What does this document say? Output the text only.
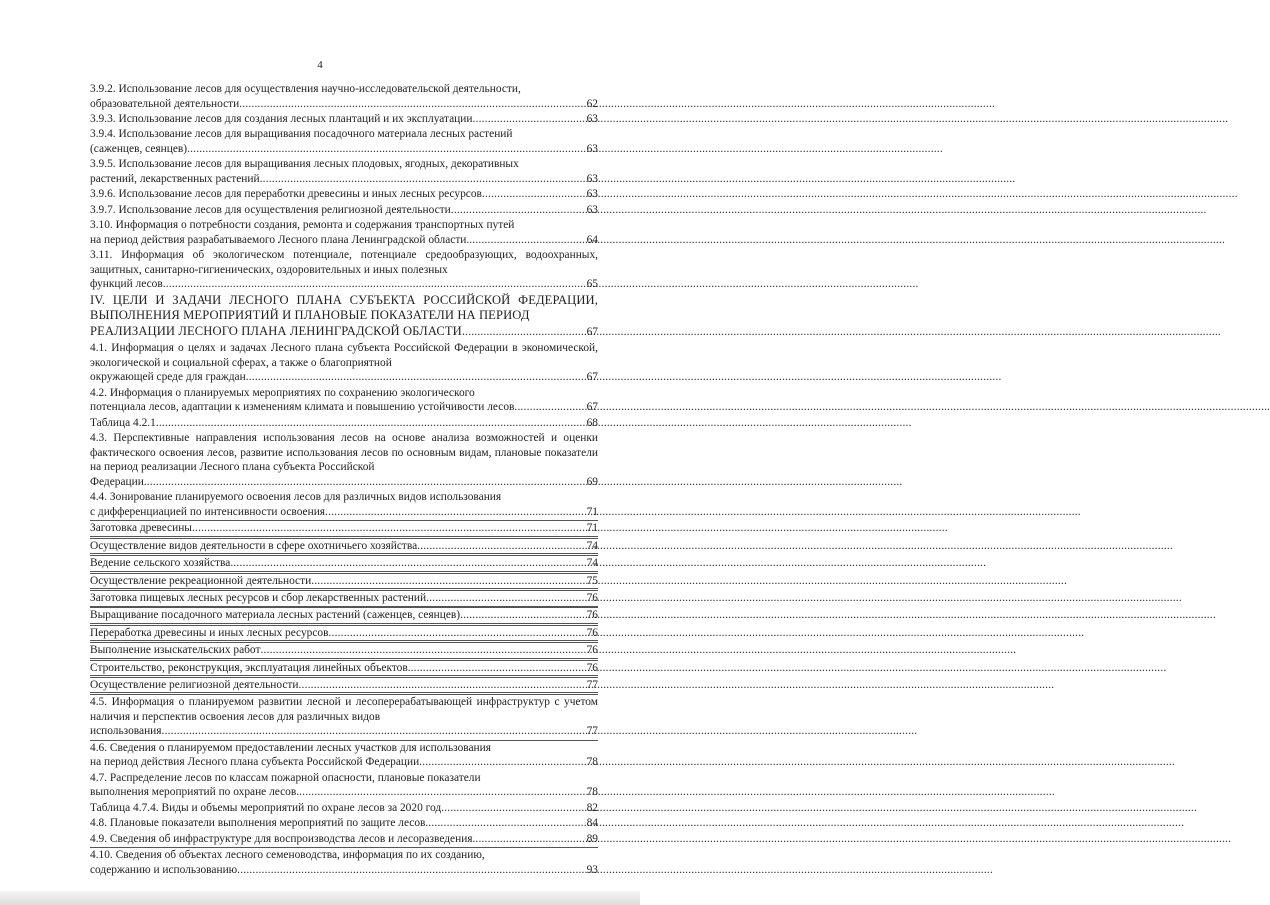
4
3.9.2. Использование лесов для осуществления научно-исследовательской деятельности,
образовательной деятельности .....	62
3.9.3. Использование лесов для создания лесных плантаций и их эксплуатации .....	63
3.9.4. Использование лесов для выращивания посадочного материала лесных растений
(саженцев, сеянцев) .....	63
3.9.5. Использование лесов для выращивания лесных плодовых, ягодных, декоративных
растений, лекарственных растений .....	63
3.9.6. Использование лесов для переработки древесины и иных лесных ресурсов .....	63
3.9.7. Использование лесов для осуществления религиозной деятельности .....	63
3.10. Информация о потребности создания, ремонта и содержания транспортных путей
на период действия разрабатываемого Лесного плана Ленинградской области. .....	64
3.11. Информация об экологическом потенциале, потенциале средообразующих, водоохранных, защитных, санитарно-гигиенических, оздоровительных и иных полезных
функций лесов .....	65
IV. ЦЕЛИ И ЗАДАЧИ ЛЕСНОГО ПЛАНА СУБЪЕКТА РОССИЙСКОЙ ФЕДЕРАЦИИ, ВЫПОЛНЕНИЯ МЕРОПРИЯТИЙ И ПЛАНОВЫЕ ПОКАЗАТЕЛИ НА ПЕРИОД
РЕАЛИЗАЦИИ ЛЕСНОГО ПЛАНА ЛЕНИНГРАДСКОЙ ОБЛАСТИ. .....	67
4.1. Информация о целях и задачах Лесного плана субъекта Российской Федерации в экономической, экологической и социальной сферах, а также о благоприятной
окружающей среде для граждан .....	67
4.2. Информация о планируемых мероприятиях по сохранению экологического
потенциала лесов, адаптации к изменениям климата и повышению устойчивости лесов .....	67
Таблица 4.2.1 .....	68
4.3. Перспективные направления использования лесов на основе анализа возможностей и оценки фактического освоения лесов, развитие использования лесов по основным видам, плановые показатели на период реализации Лесного плана субъекта Российской
Федерации. .....	69
4.4. Зонирование планируемого освоения лесов для различных видов использования
с дифференциацией по интенсивности освоения .....	71
Заготовка древесины .....	71
Осуществление видов деятельности в сфере охотничьего хозяйства .....	74
Ведение сельского хозяйства .....	74
Осуществление рекреационной деятельности .....	75
Заготовка пищевых лесных ресурсов и сбор лекарственных растений .....	76
Выращивание посадочного материала лесных растений (саженцев, сеянцев) .....	76
Переработка древесины и иных лесных ресурсов .....	76
Выполнение изыскательских работ .....	76
Строительство, реконструкция, эксплуатация линейных объектов. .....	76
Осуществление религиозной деятельности .....	77
4.5. Информация о планируемом развитии лесной и лесоперерабатывающей инфраструктур с учетом наличия и перспектив освоения лесов для различных видов
использования .....	77
4.6. Сведения о планируемом предоставлении лесных участков для использования
на период действия Лесного плана субъекта Российской Федерации .....	78
4.7. Распределение лесов по классам пожарной опасности, плановые показатели
выполнения мероприятий по охране лесов. .....	78
Таблица 4.7.4. Виды и объемы мероприятий по охране лесов за 2020 год .....	82
4.8. Плановые показатели выполнения мероприятий по защите лесов. .....	84
4.9. Сведения об инфраструктуре для воспроизводства лесов и лесоразведения. .....	89
4.10. Сведения об объектах лесного семеноводства, информация по их созданию,
содержанию и использованию .....	93
